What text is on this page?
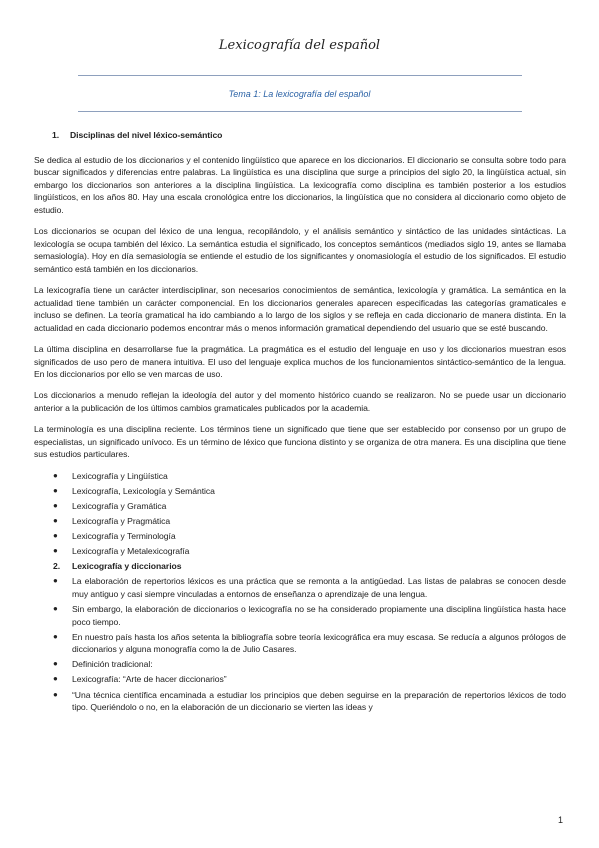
Lexicografía del español
Tema 1: La lexicografía del español
1. Disciplinas del nivel léxico-semántico

Se dedica al estudio de los diccionarios y el contenido lingüístico que aparece en los diccionarios. El diccionario se consulta sobre todo para buscar significados y diferencias entre palabras. La lingüística es una disciplina que surge a principios del siglo 20, la lingüística actual, sin embargo los diccionarios son anteriores a la disciplina lingüística. La lexicografía como disciplina es también posterior a los estudios lingüísticos, en los años 80. Hay una escala cronológica entre los diccionarios, la lingüística que no considera al diccionario como objeto de estudio.

Los diccionarios se ocupan del léxico de una lengua, recopilándolo, y el análisis semántico y sintáctico de las unidades sintácticas. La lexicología se ocupa también del léxico. La semántica estudia el significado, los conceptos semánticos (mediados siglo 19, antes se llamaba semasiología). Hoy en día semasiología se entiende el estudio de los significantes y onomasiología el estudio de los significados. El estudio semántico está también en los diccionarios.

La lexicografía tiene un carácter interdisciplinar, son necesarios conocimientos de semántica, lexicología y gramática. La semántica en la actualidad tiene también un carácter componencial. En los diccionarios generales aparecen especificadas las categorías gramaticales e incluso se definen. La teoría gramatical ha ido cambiando a lo largo de los siglos y se refleja en cada diccionario de manera distinta. En la actualidad en cada diccionario podemos encontrar más o menos información gramatical dependiendo del usuario que se esté buscando.

La última disciplina en desarrollarse fue la pragmática. La pragmática es el estudio del lenguaje en uso y los diccionarios muestran esos significados de uso pero de manera intuitiva. El uso del lenguaje explica muchos de los funcionamientos sintáctico-semántico de la lengua. En los diccionarios por ello se ven marcas de uso.

Los diccionarios a menudo reflejan la ideología del autor y del momento histórico cuando se realizaron. No se puede usar un diccionario anterior a la publicación de los últimos cambios gramaticales publicados por la academia.

La terminología es una disciplina reciente. Los términos tiene un significado que tiene que ser establecido por consenso por un grupo de especialistas, un significado unívoco. Es un término de léxico que funciona distinto y se organiza de otra manera. Es una disciplina que tiene sus estudios particulares.

● Lexicografía y Lingüística
● Lexicografía, Lexicología y Semántica
● Lexicografía y Gramática
● Lexicografía y Pragmática
● Lexicografía y Terminología
● Lexicografía y Metalexicografía
2. Lexicografía y diccionarios
● La elaboración de repertorios léxicos es una práctica que se remonta a la antigüedad. Las listas de palabras se conocen desde muy antiguo y casi siempre vinculadas a entornos de enseñanza o aprendizaje de una lengua.
● Sin embargo, la elaboración de diccionarios o lexicografía no se ha considerado propiamente una disciplina lingüística hasta hace poco tiempo.
● En nuestro país hasta los años setenta la bibliografía sobre teoría lexicográfica era muy escasa. Se reducía a algunos prólogos de diccionarios y alguna monografía como la de Julio Casares.
● Definición tradicional:
● Lexicografía: “Arte de hacer diccionarios”
● “Una técnica científica encaminada a estudiar los principios que deben seguirse en la preparación de repertorios léxicos de todo tipo. Queriéndolo o no, en la elaboración de un diccionario se vierten las ideas y
1
